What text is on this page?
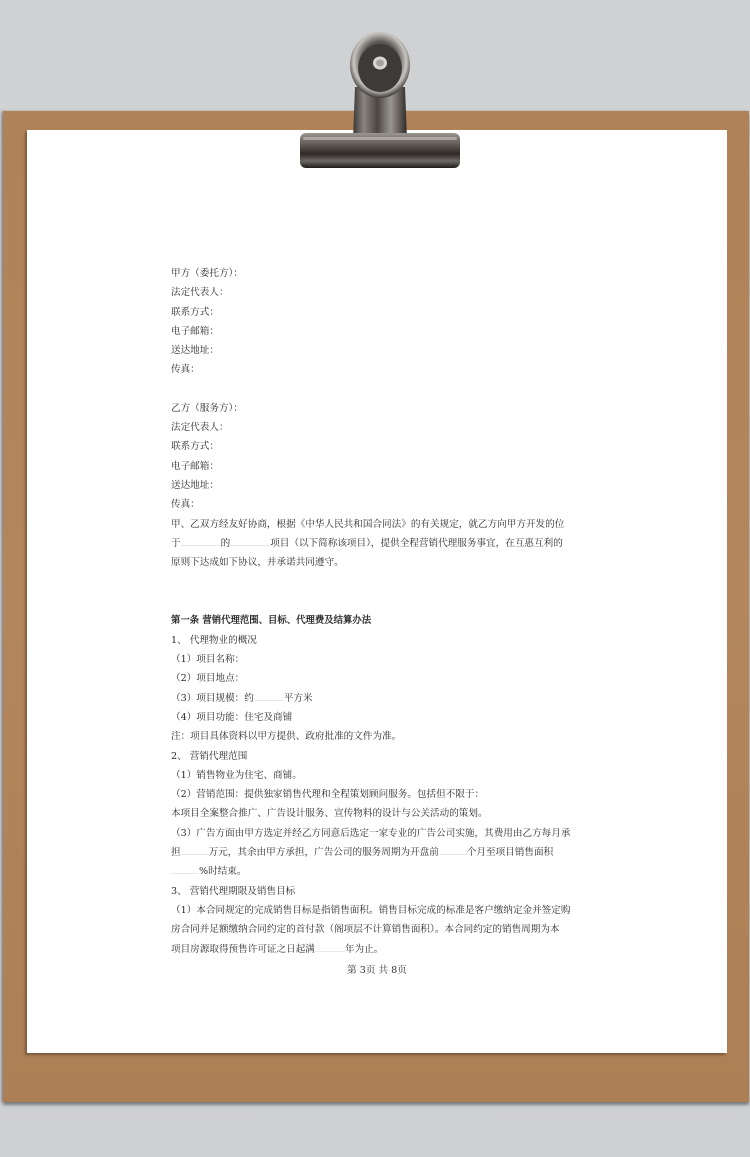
甲方（委托方）：
法定代表人：
联系方式：
电子邮箱：
送达地址：
传真：
乙方（服务方）：
法定代表人：
联系方式：
电子邮箱：
送达地址：
传真：
甲、乙双方经友好协商，根据《中华人民共和国合同法》的有关规定，就乙方向甲方开发的位
于	的	项目（以下简称该项目），提供全程营销代理服务事宜，在互惠互利的
原则下达成如下协议，并承诺共同遵守。
第一条 营销代理范围、目标、代理费及结算办法
1、 代理物业的概况
（1）项目名称：
（2）项目地点：
（3）项目规模：约	平方米
（4）项目功能：住宅及商铺
注：项目具体资料以甲方提供、政府批准的文件为准。
2、 营销代理范围
（1）销售物业为住宅、商铺。
（2）营销范围：提供独家销售代理和全程策划顾问服务。包括但不限于：
本项目全案整合推广、广告设计服务、宣传物料的设计与公关活动的策划。
（3）广告方面由甲方选定并经乙方同意后选定一家专业的广告公司实施，其费用由乙方每月承
担	万元，其余由甲方承担，广告公司的服务周期为开盘前	个月至项目销售面积
%时结束。
3、 营销代理期限及销售目标
（1）本合同规定的完成销售目标是指销售面积。销售目标完成的标准是客户缴纳定金并签定购
房合同并足额缴纳合同约定的首付款（阁项层不计算销售面积）。本合同约定的销售周期为本
项目房源取得预售许可证之日起满	年为止。
第 3页 共 8页
